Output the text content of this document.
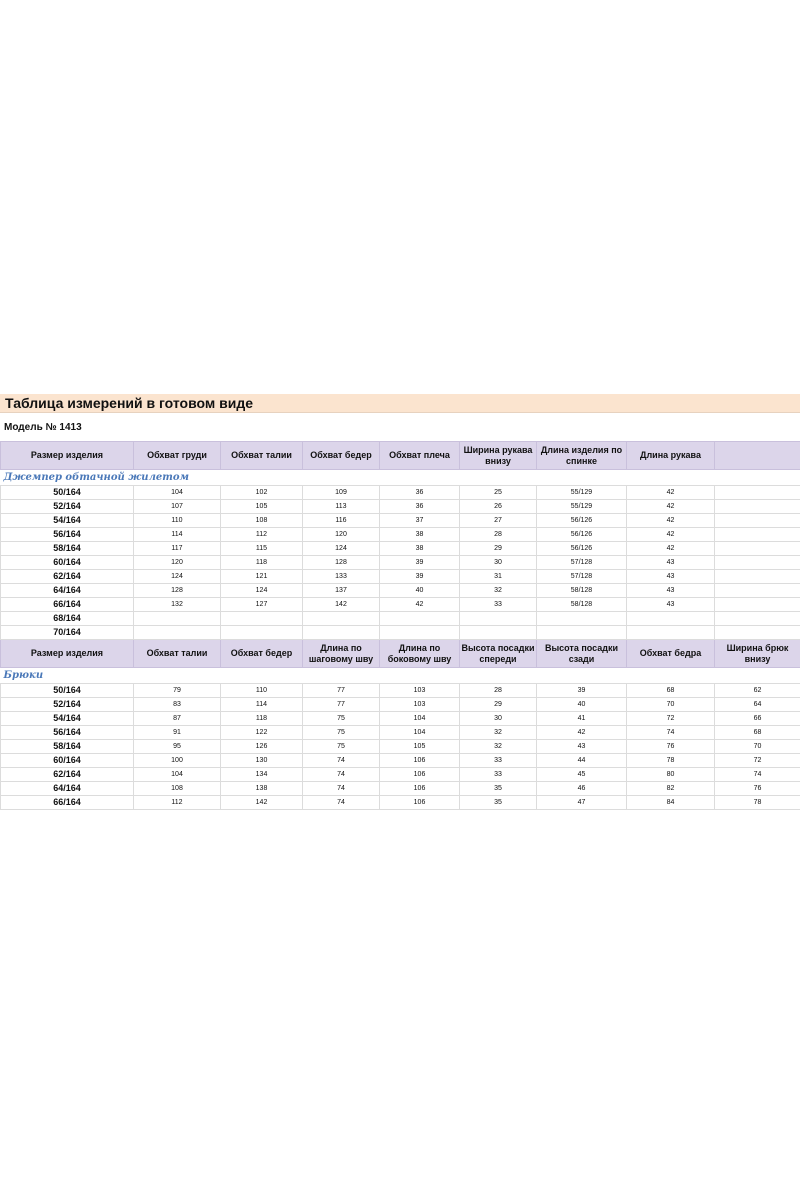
Таблица измерений в готовом виде
Модель № 1413
Размер изделия	Обхват груди	Обхват талии	Обхват бедер	Обхват плеча	Ширина рукава внизу	Длина изделия по спинке	Длина рукава	
Джемпер обтачной жилетом								
50/164	104	102	109	36	25	55/129	42	
52/164	107	105	113	36	26	55/129	42	
54/164	110	108	116	37	27	56/126	42	
56/164	114	112	120	38	28	56/126	42	
58/164	117	115	124	38	29	56/126	42	
60/164	120	118	128	39	30	57/128	43	
62/164	124	121	133	39	31	57/128	43	
64/164	128	124	137	40	32	58/128	43	
66/164	132	127	142	42	33	58/128	43	
68/164								
70/164								
Размер изделия	Обхват талии	Обхват бедер	Длина по шаговому шву	Длина по боковому шву	Высота посадки спереди	Высота посадки сзади	Обхват бедра	Ширина брюк внизу
Брюки								
50/164	79	110	77	103	28	39	68	62
52/164	83	114	77	103	29	40	70	64
54/164	87	118	75	104	30	41	72	66
56/164	91	122	75	104	32	42	74	68
58/164	95	126	75	105	32	43	76	70
60/164	100	130	74	106	33	44	78	72
62/164	104	134	74	106	33	45	80	74
64/164	108	138	74	106	35	46	82	76
66/164	112	142	74	106	35	47	84	78
